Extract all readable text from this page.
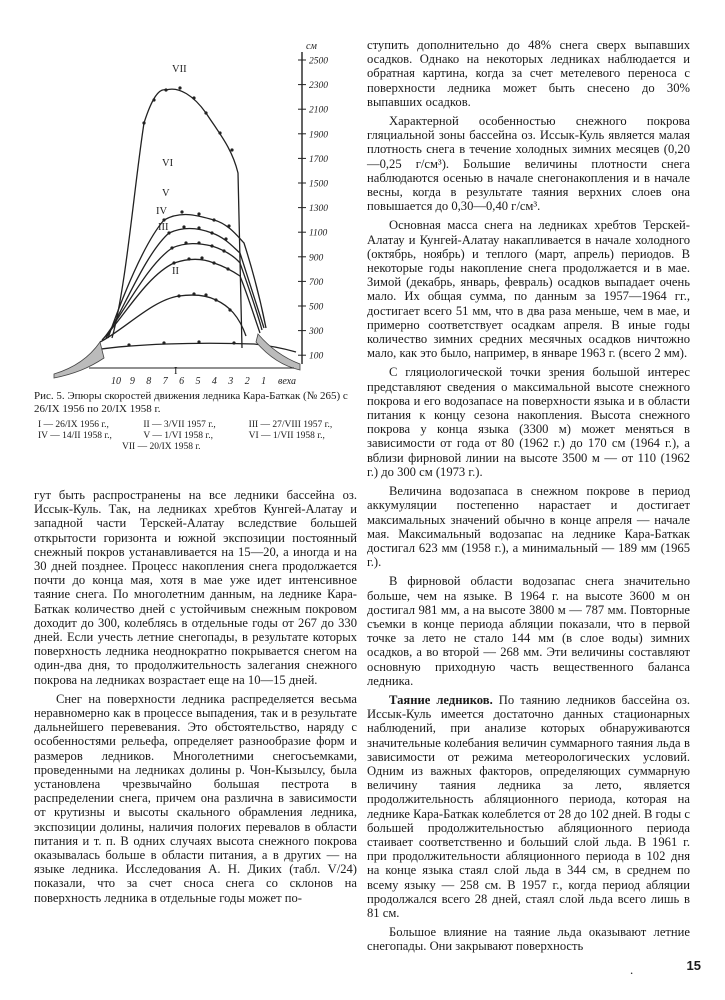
см
2500
2300
2100
1900
1700
1500
1300
1100
900
700
500
300
100
VII
VI
V
IV
III
II
I
10 9 8 7 6 5 4 3 2 1 веха
Рис. 5. Эпюры скоростей движения ледника Кара-Баткак (№ 265) с 26/IX 1956 по 20/IX 1958 г.
I — 26/IX 1956 г.,	II — 3/VII 1957 г.,	III — 27/VIII 1957 г.,
IV — 14/II 1958 г.,	V — 1/VI 1958 г.,	VI — 1/VII 1958 г.,
VII — 20/IX 1958 г.

гут быть распространены на все ледники бассейна оз. Иссык-Куль. Так, на ледниках хребтов Кунгей-Алатау и западной части Терскей-Алатау вследствие большей открытости горизонта и южной экспозиции постоянный снежный покров устанавливается на 15—20, а иногда и на 30 дней позднее. Процесс накопления снега продолжается почти до конца мая, хотя в мае уже идет интенсивное таяние снега. По многолетним данным, на леднике Кара-Баткак количество дней с устойчивым снежным покровом доходит до 300, колеблясь в отдельные годы от 267 до 330 дней. Если учесть летние снегопады, в результате которых поверхность ледника неоднократно покрывается снегом на один-два дня, то продолжительность залегания снежного покрова на ледниках возрастает еще на 10—15 дней.

Снег на поверхности ледника распределяется весьма неравномерно как в процессе выпадения, так и в результате дальнейшего перевевания. Это обстоятельство, наряду с особенностями рельефа, определяет разнообразие форм и размеров ледников. Многолетними снегосъемками, проведенными на ледниках долины р. Чон-Кызылсу, была установлена чрезвычайно большая пестрота в распределении снега, причем она различна в зависимости от крутизны и высоты скального обрамления ледника, экспозиции долины, наличия полоғих перевалов в области питания и т. п. В одних случаях высота снежного покрова оказывалась больше в области питания, а в других — на языке ледника. Исследования А. Н. Диких (табл. V/24) показали, что за счет сноса снега со склонов на поверхность ледника в отдельные годы может по-

ступить дополнительно до 48% снега сверх выпавших осадков. Однако на некоторых ледниках наблюдается и обратная картина, когда за счет метелевого переноса с поверхности ледника может быть снесено до 30% выпавших осадков.

Характерной особенностью снежного покрова гляциальной зоны бассейна оз. Иссык-Куль является малая плотность снега в течение холодных зимних месяцев (0,20—0,25 г/см³). Большие величины плотности снега наблюдаются осенью в начале снегонакопления и в начале весны, когда в результате таяния верхних слоев она повышается до 0,30—0,40 г/см³.

Основная масса снега на ледниках хребтов Терскей-Алатау и Кунгей-Алатау накапливается в начале холодного (октябрь, ноябрь) и теплого (март, апрель) периодов. В некоторые годы накопление снега продолжается и в мае. Зимой (декабрь, январь, февраль) осадков выпадает очень мало. Их общая сумма, по данным за 1957—1964 гг., достигает всего 51 мм, что в два раза меньше, чем в мае, и примерно соответствует осадкам апреля. В иные годы количество зимних средних месячных осадков ничтожно мало, как это было, например, в январе 1963 г. (всего 2 мм).

С гляциологической точки зрения большой интерес представляют сведения о максимальной высоте снежного покрова и его водозапасе на поверхности языка и в области питания к концу сезона накопления. Высота снежного покрова у конца языка (3300 м) может меняться в зависимости от года от 80 (1962 г.) до 170 см (1964 г.), а вблизи фирновой линии на высоте 3500 м — от 110 (1962 г.) до 300 см (1973 г.).

Величина водозапаса в снежном покрове в период аккумуляции постепенно нарастает и достигает максимальных значений обычно в конце апреля — начале мая. Максимальный водозапас на леднике Кара-Баткак достигал 623 мм (1958 г.), а минимальный — 189 мм (1965 г.).

В фирновой области водозапас снега значительно больше, чем на языке. В 1964 г. на высоте 3600 м он достигал 981 мм, а на высоте 3800 м — 787 мм. Повторные съемки в конце периода абляции показали, что в первой точке за лето не стало 144 мм (в слое воды) зимних осадков, а во второй — 268 мм. Эти величины составляют основную приходную часть вещественного баланса ледника.

Таяние ледников. По таянию ледников бассейна оз. Иссык-Куль имеется достаточно данных стационарных наблюдений, при анализе которых обнаруживаются значительные колебания величин суммарного таяния льда в зависимости от режима метеорологических условий. Одним из важных факторов, определяющих суммарную величину таяния ледника за лето, является продолжительность абляционного периода, которая на леднике Кара-Баткак колеблется от 28 до 102 дней. В годы с большей продолжительностью абляционного периода стаивает соответственно и больший слой льда. В 1961 г. при продолжительности абляционного периода в 102 дня на конце языка стаял слой льда в 344 см, в среднем по всему языку — 258 см. В 1957 г., когда период абляции продолжался всего 28 дней, стаял слой льда всего лишь в 81 см.

Большое влияние на таяние льда оказывают летние снегопады. Они закрывают поверхность

.	15
